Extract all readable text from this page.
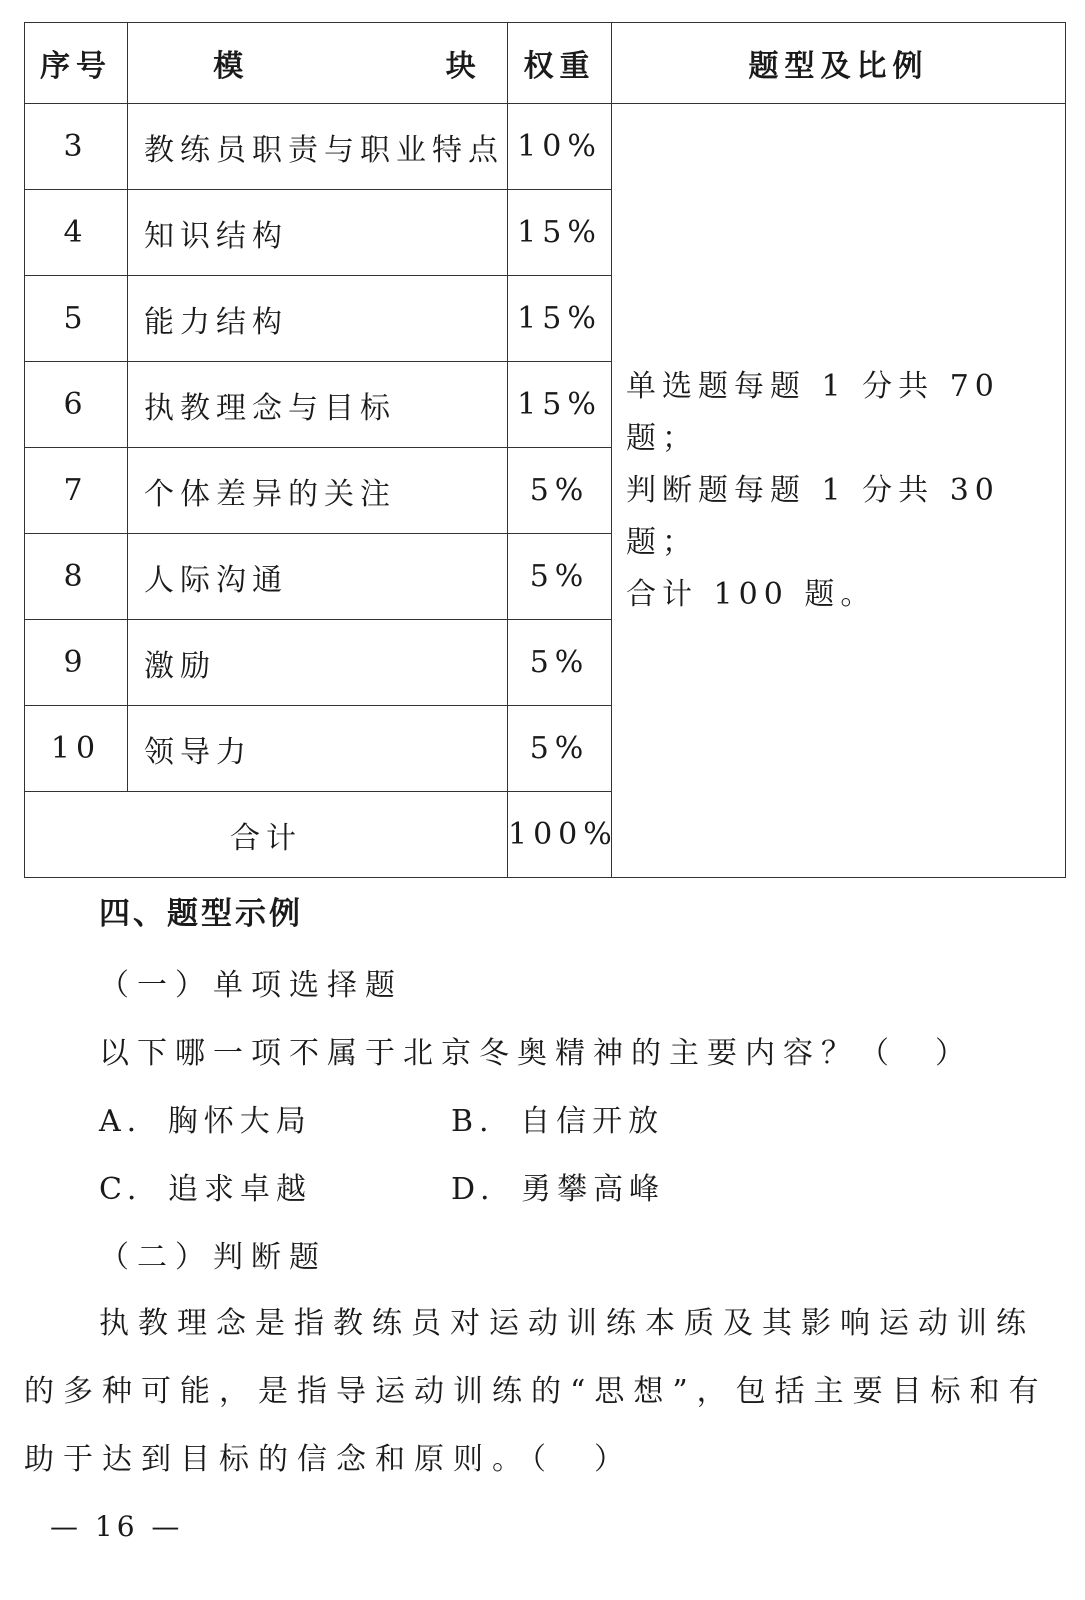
序号	模 块	权重	题型及比例
3	教练员职责与职业特点	10%	单选题每题 1 分共 70 题；
判断题每题 1 分共 30 题；
合计 100 题。

4	知识结构	15%	
5	能力结构	15%	
6	执教理念与目标	15%	
7	个体差异的关注	5%	
8	人际沟通	5%	
9	激励	5%	
10	领导力	5%	
合计		100%	
四、题型示例
（一）单项选择题
以下哪一项不属于北京冬奥精神的主要内容？（　）
A. 胸怀大局	B. 自信开放
C. 追求卓越	D. 勇攀高峰
（二）判断题
执教理念是指教练员对运动训练本质及其影响运动训练的多种可能，是指导运动训练的“思想”，包括主要目标和有助于达到目标的信念和原则。（　）
— 16 —
